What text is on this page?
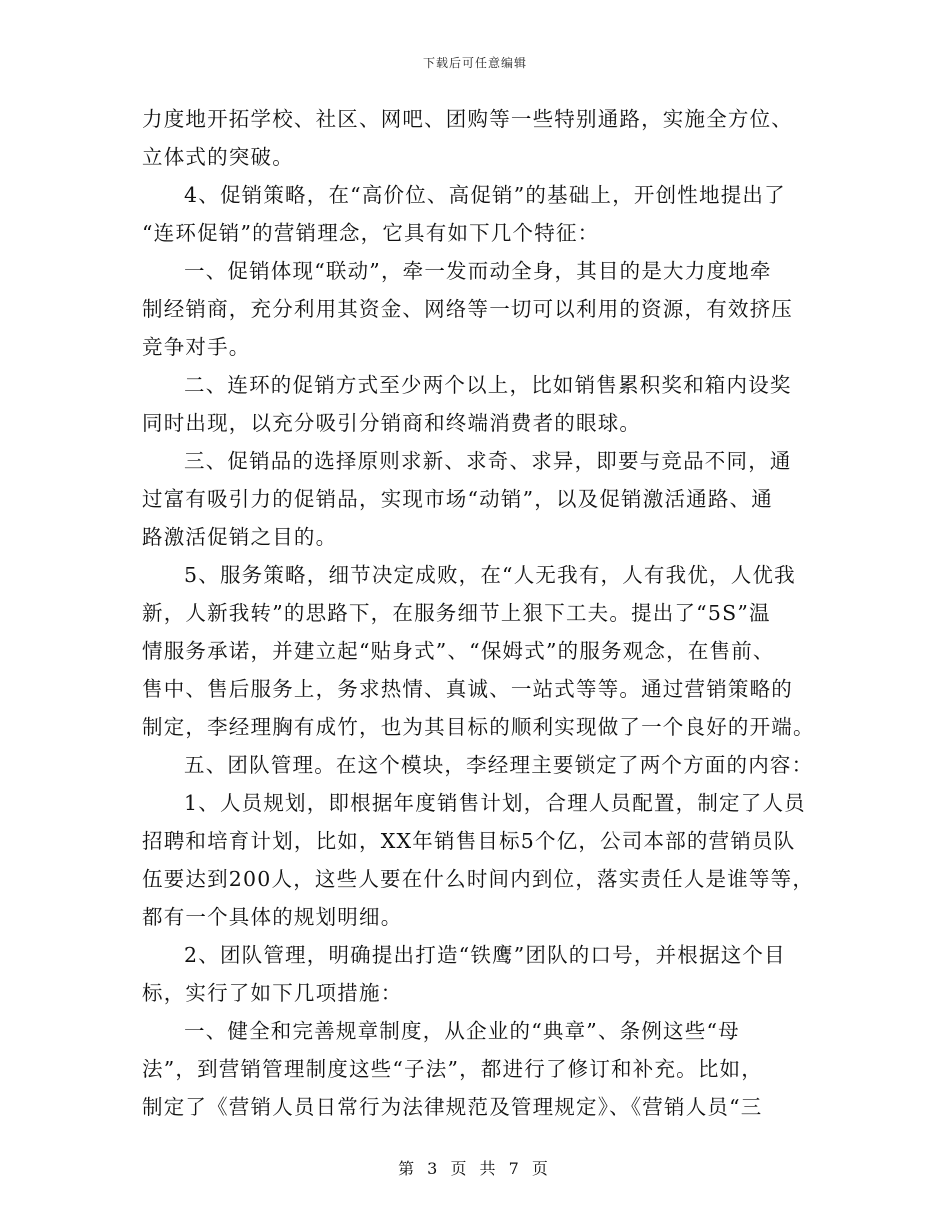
下载后可任意编辑

力度地开拓学校、社区、网吧、团购等一些特别通路，实施全方位、
立体式的突破。

4、促销策略，在“高价位、高促销”的基础上，开创性地提出了
“连环促销”的营销理念，它具有如下几个特征：

一、促销体现“联动”，牵一发而动全身，其目的是大力度地牵
制经销商，充分利用其资金、网络等一切可以利用的资源，有效挤压
竞争对手。

二、连环的促销方式至少两个以上，比如销售累积奖和箱内设奖
同时出现，以充分吸引分销商和终端消费者的眼球。

三、促销品的选择原则求新、求奇、求异，即要与竞品不同，通
过富有吸引力的促销品，实现市场“动销”，以及促销激活通路、通
路激活促销之目的。

5、服务策略，细节决定成败，在“人无我有，人有我优，人优我
新，人新我转”的思路下，在服务细节上狠下工夫。提出了“5S”温
情服务承诺，并建立起“贴身式”、“保姆式”的服务观念，在售前、
售中、售后服务上，务求热情、真诚、一站式等等。通过营销策略的
制定，李经理胸有成竹，也为其目标的顺利实现做了一个良好的开端。

五、团队管理。在这个模块，李经理主要锁定了两个方面的内容：

1、人员规划，即根据年度销售计划，合理人员配置，制定了人员
招聘和培育计划，比如，XX年销售目标5个亿，公司本部的营销员队
伍要达到200人，这些人要在什么时间内到位，落实责任人是谁等等，
都有一个具体的规划明细。

2、团队管理，明确提出打造“铁鹰”团队的口号，并根据这个目
标，实行了如下几项措施：

一、健全和完善规章制度，从企业的“典章”、条例这些“母
法”，到营销管理制度这些“子法”，都进行了修订和补充。比如，
制定了《营销人员日常行为法律规范及管理规定》、《营销人员“三

第 3 页 共 7 页
